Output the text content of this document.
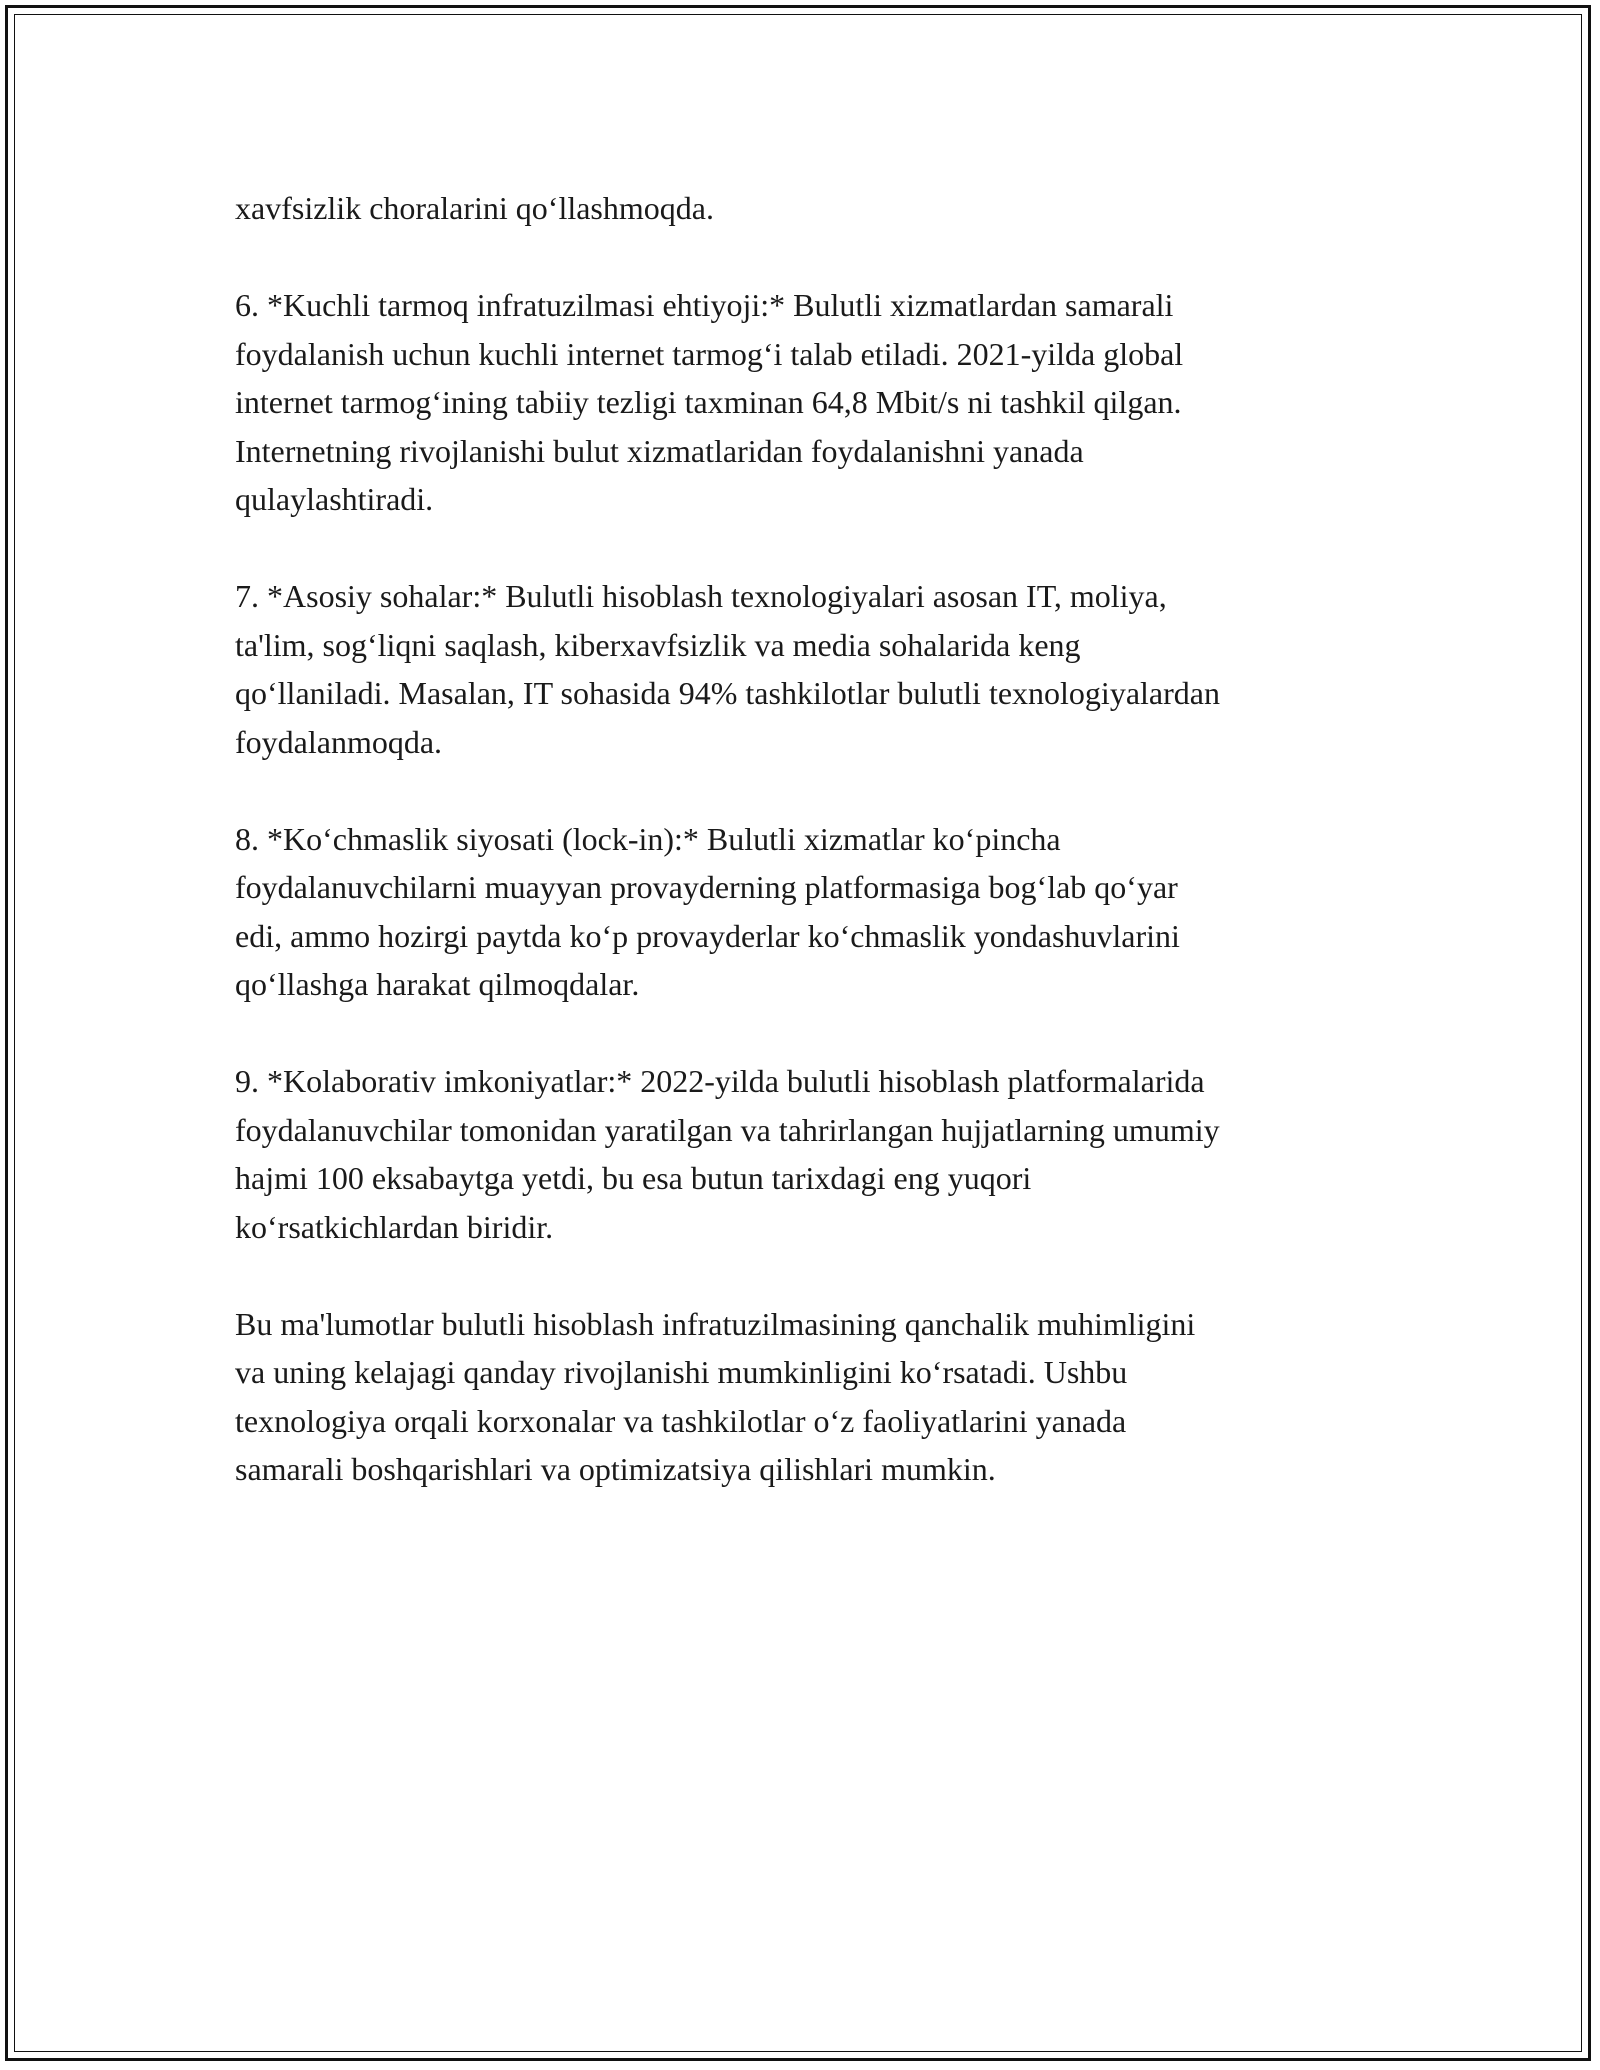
xavfsizlik choralarini qo‘llashmoqda.

6. *Kuchli tarmoq infratuzilmasi ehtiyoji:* Bulutli xizmatlardan samarali
foydalanish uchun kuchli internet tarmog‘i talab etiladi. 2021-yilda global
internet tarmog‘ining tabiiy tezligi taxminan 64,8 Mbit/s ni tashkil qilgan.
Internetning rivojlanishi bulut xizmatlaridan foydalanishni yanada
qulaylashtiradi.

7. *Asosiy sohalar:* Bulutli hisoblash texnologiyalari asosan IT, moliya,
ta'lim, sog‘liqni saqlash, kiberxavfsizlik va media sohalarida keng
qo‘llaniladi. Masalan, IT sohasida 94% tashkilotlar bulutli texnologiyalardan
foydalanmoqda.

8. *Ko‘chmaslik siyosati (lock-in):* Bulutli xizmatlar ko‘pincha
foydalanuvchilarni muayyan provayderning platformasiga bog‘lab qo‘yar
edi, ammo hozirgi paytda ko‘p provayderlar ko‘chmaslik yondashuvlarini
qo‘llashga harakat qilmoqdalar.

9. *Kolaborativ imkoniyatlar:* 2022-yilda bulutli hisoblash platformalarida
foydalanuvchilar tomonidan yaratilgan va tahrirlangan hujjatlarning umumiy
hajmi 100 eksabaytga yetdi, bu esa butun tarixdagi eng yuqori
ko‘rsatkichlardan biridir.

Bu ma'lumotlar bulutli hisoblash infratuzilmasining qanchalik muhimligini
va uning kelajagi qanday rivojlanishi mumkinligini ko‘rsatadi. Ushbu
texnologiya orqali korxonalar va tashkilotlar o‘z faoliyatlarini yanada
samarali boshqarishlari va optimizatsiya qilishlari mumkin.
